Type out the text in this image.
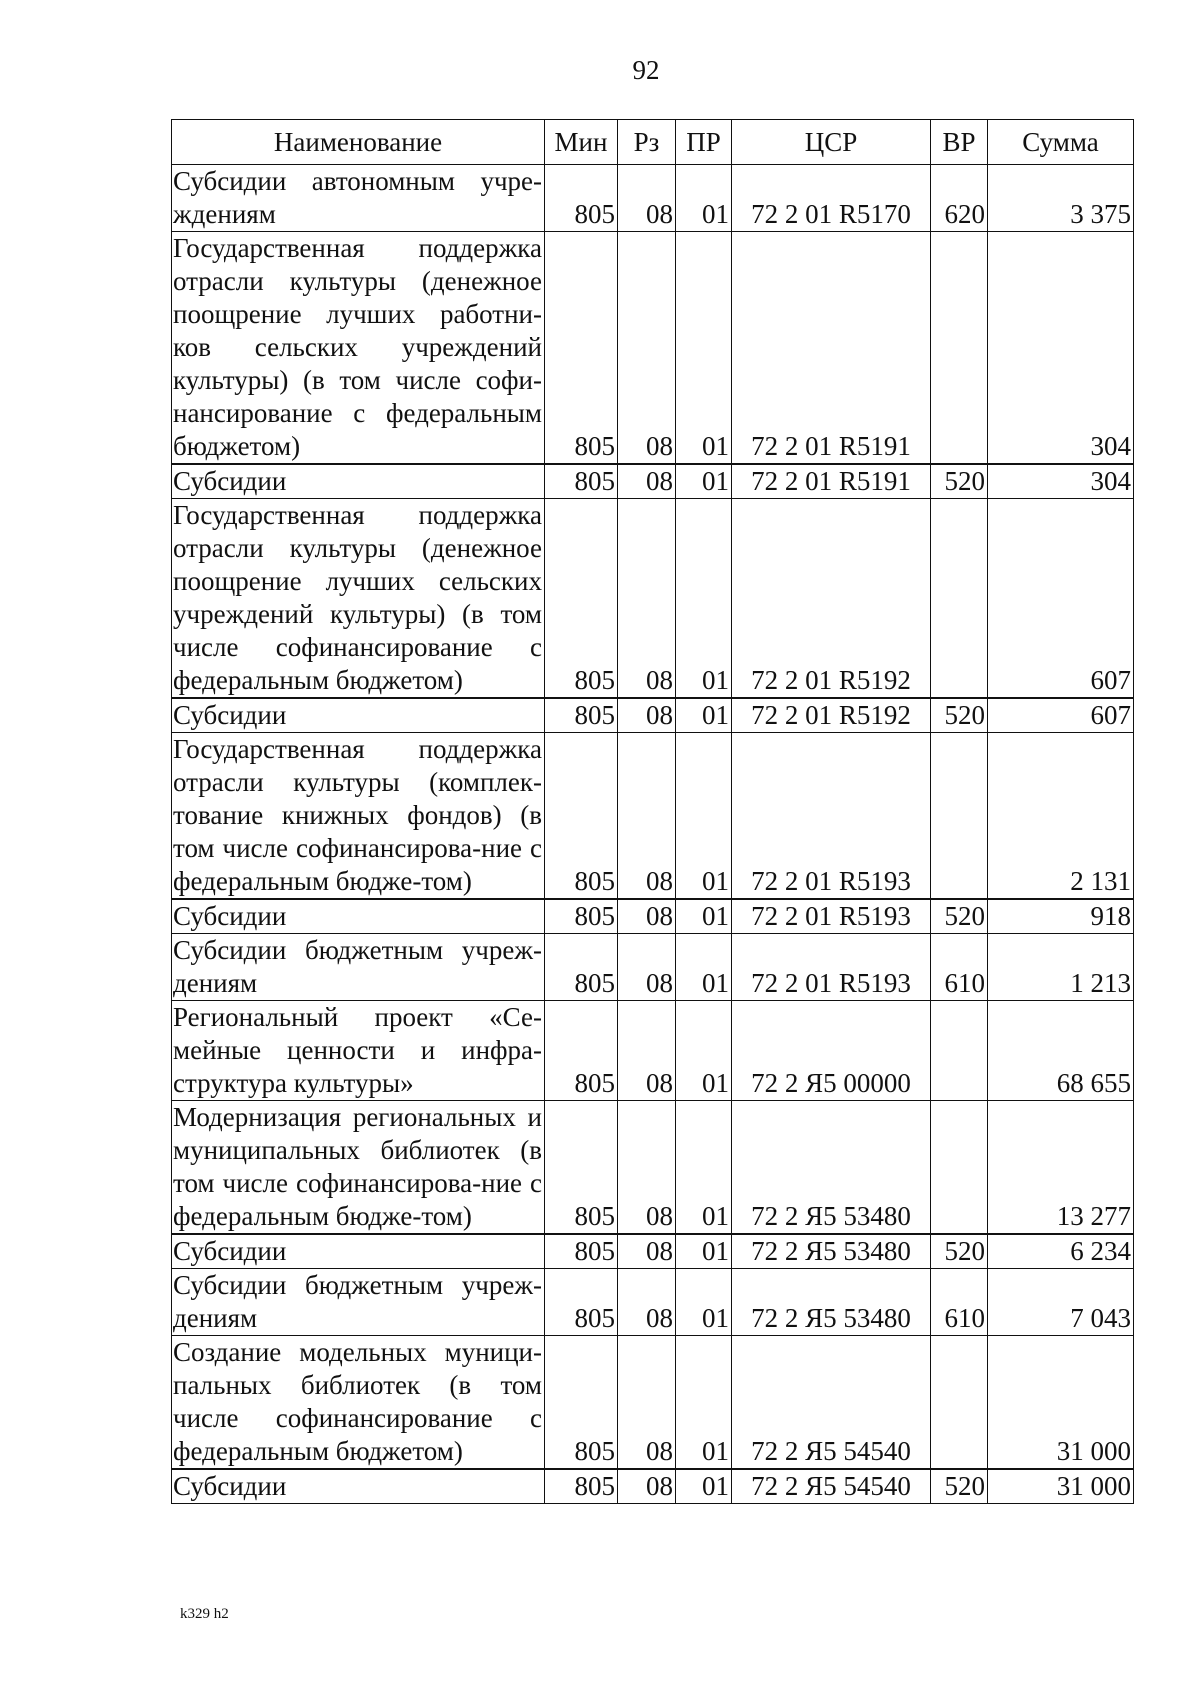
92
Наименование	Мин	Рз	ПР	ЦСР	ВР	Сумма
Субсидии автономным учре-ждениям	805	08	01	72 2 01 R5170	620	3 375
Государственная поддержка отрасли культуры (денежное поощрение лучших работни-ков сельских учреждений культуры) (в том числе софи-нансирование с федеральным бюджетом)	805	08	01	72 2 01 R5191		304
Субсидии	805	08	01	72 2 01 R5191	520	304
Государственная поддержка отрасли культуры (денежное поощрение лучших сельских учреждений культуры) (в том числе софинансирование с федеральным бюджетом)	805	08	01	72 2 01 R5192		607
Субсидии	805	08	01	72 2 01 R5192	520	607
Государственная поддержка отрасли культуры (комплек-тование книжных фондов) (в том числе софинансирова-ние с федеральным бюдже-том)	805	08	01	72 2 01 R5193		2 131
Субсидии	805	08	01	72 2 01 R5193	520	918
Субсидии бюджетным учреж-дениям	805	08	01	72 2 01 R5193	610	1 213
Региональный проект «Се-мейные ценности и инфра-структура культуры»	805	08	01	72 2 Я5 00000		68 655
Модернизация региональных и муниципальных библиотек (в том числе софинансирова-ние с федеральным бюдже-том)	805	08	01	72 2 Я5 53480		13 277
Субсидии	805	08	01	72 2 Я5 53480	520	6 234
Субсидии бюджетным учреж-дениям	805	08	01	72 2 Я5 53480	610	7 043
Создание модельных муници-пальных библиотек (в том числе софинансирование с федеральным бюджетом)	805	08	01	72 2 Я5 54540		31 000
Субсидии	805	08	01	72 2 Я5 54540	520	31 000
k329 h2
